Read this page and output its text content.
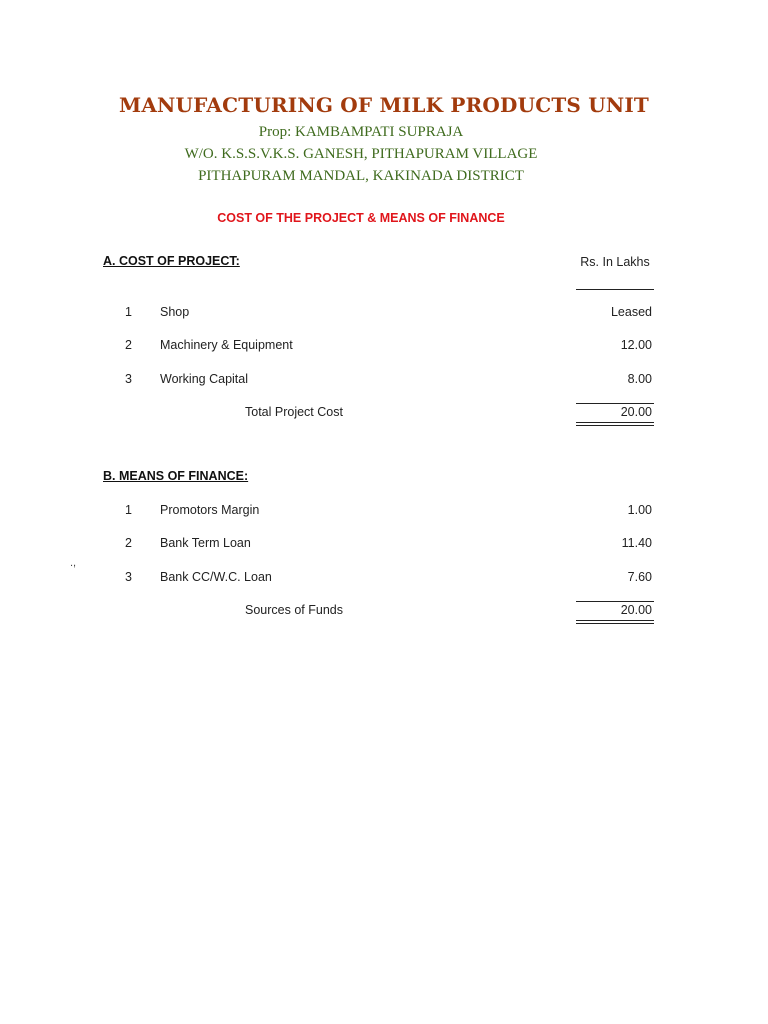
MANUFACTURING OF MILK PRODUCTS UNIT
Prop: KAMBAMPATI SUPRAJA
W/O. K.S.S.V.K.S. GANESH, PITHAPURAM VILLAGE
PITHAPURAM MANDAL, KAKINADA DISTRICT
COST OF THE PROJECT & MEANS OF FINANCE
A. COST OF PROJECT:	Rs. In Lakhs
1 Shop	Leased
2 Machinery & Equipment	12.00
3 Working Capital	8.00
Total Project Cost	20.00
B. MEANS OF FINANCE:
1 Promotors Margin	1.00
2 Bank Term Loan	11.40
3 Bank CC/W.C. Loan	7.60
Sources of Funds	20.00
.,
